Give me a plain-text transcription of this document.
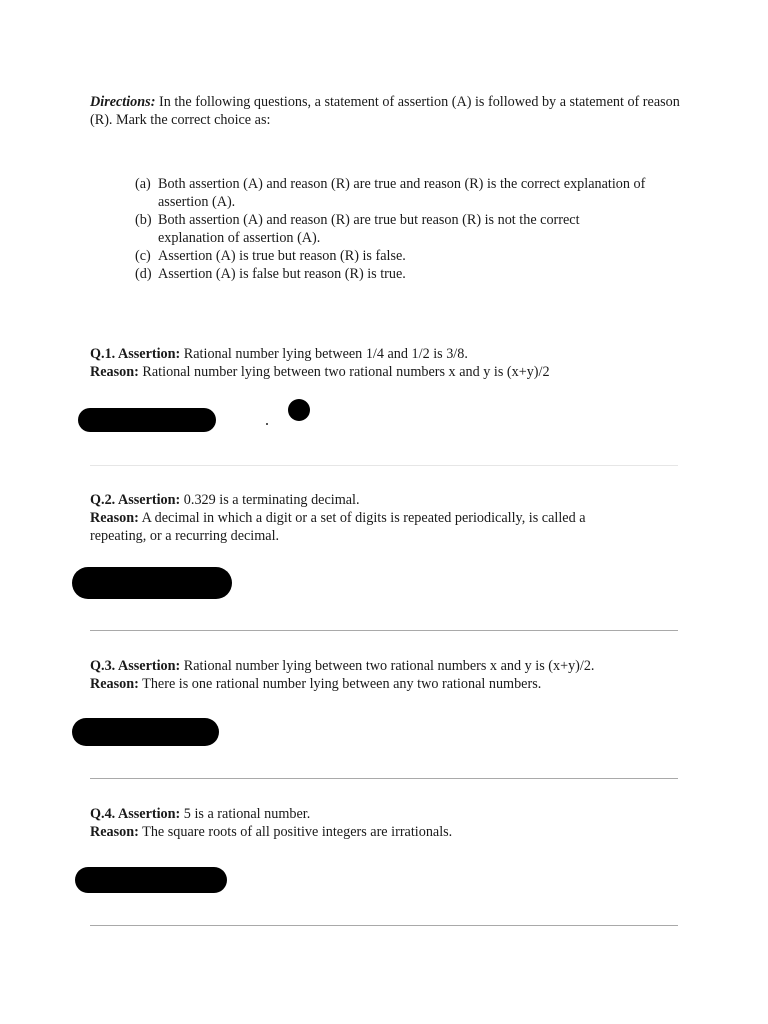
Directions: In the following questions, a statement of assertion (A) is followed by a statement of reason (R). Mark the correct choice as:
(a) Both assertion (A) and reason (R) are true and reason (R) is the correct explanation of assertion (A).
(b) Both assertion (A) and reason (R) are true but reason (R) is not the correct explanation of assertion (A).
(c) Assertion (A) is true but reason (R) is false.
(d) Assertion (A) is false but reason (R) is true.
Q.1. Assertion: Rational number lying between 1/4 and 1/2 is 3/8.
Reason: Rational number lying between two rational numbers x and y is (x+y)/2
Q.2. Assertion: 0.329 is a terminating decimal.
Reason: A decimal in which a digit or a set of digits is repeated periodically, is called a repeating, or a recurring decimal.
Q.3. Assertion: Rational number lying between two rational numbers x and y is (x+y)/2.
Reason: There is one rational number lying between any two rational numbers.
Q.4. Assertion: 5 is a rational number.
Reason: The square roots of all positive integers are irrationals.
